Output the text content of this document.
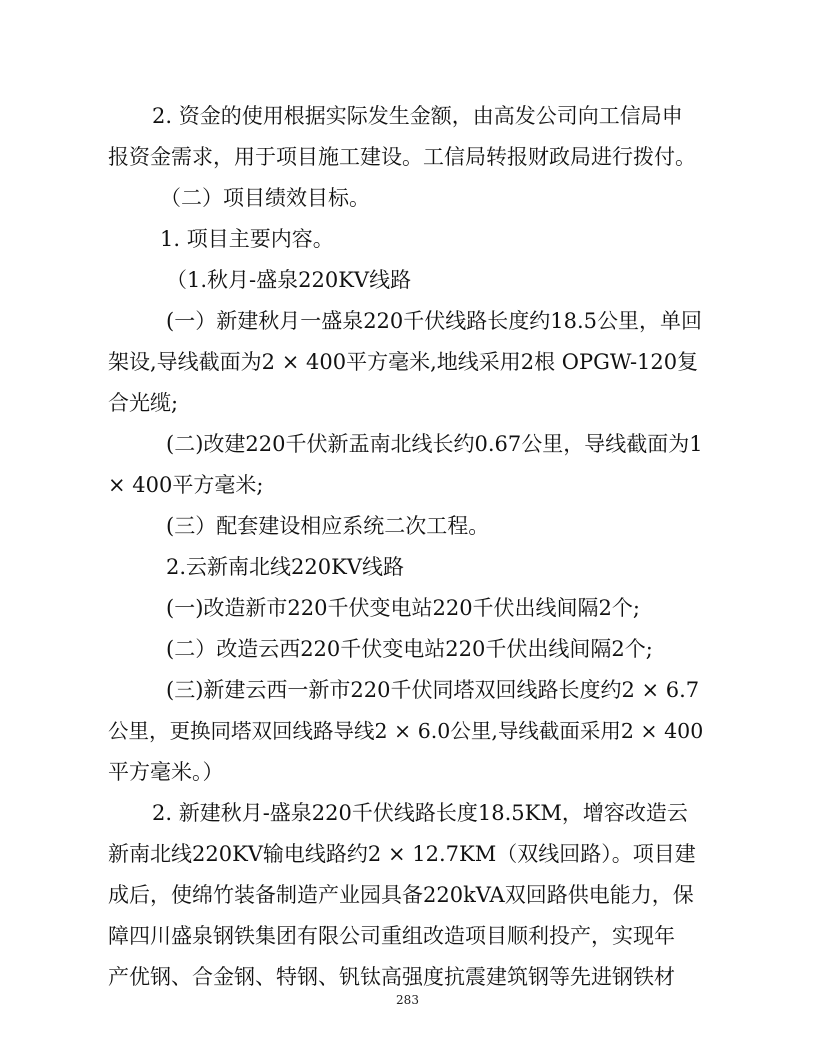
2. 资金的使用根据实际发生金额，由高发公司向工信局申
报资金需求，用于项目施工建设。工信局转报财政局进行拨付。
（二）项目绩效目标。
1. 项目主要内容。
（1.秋月-盛泉220KV线路
(一）新建秋月一盛泉220千伏线路长度约18.5公里，单回
架设,导线截面为2 × 400平方毫米,地线采用2根 OPGW-120复
合光缆;
(二)改建220千伏新盂南北线长约0.67公里，导线截面为1
× 400平方毫米;
(三）配套建设相应系统二次工程。
2.云新南北线220KV线路
(一)改造新市220千伏变电站220千伏出线间隔2个;
(二）改造云西220千伏变电站220千伏出线间隔2个;
(三)新建云西一新市220千伏同塔双回线路长度约2 × 6.7
公里，更换同塔双回线路导线2 × 6.0公里,导线截面采用2 × 400
平方毫米。）
2. 新建秋月-盛泉220千伏线路长度18.5KM，增容改造云
新南北线220KV输电线路约2 × 12.7KM（双线回路）。项目建
成后，使绵竹装备制造产业园具备220kVA双回路供电能力，保
障四川盛泉钢铁集团有限公司重组改造项目顺利投产，实现年
产优钢、合金钢、特钢、钒钛高强度抗震建筑钢等先进钢铁材
283
